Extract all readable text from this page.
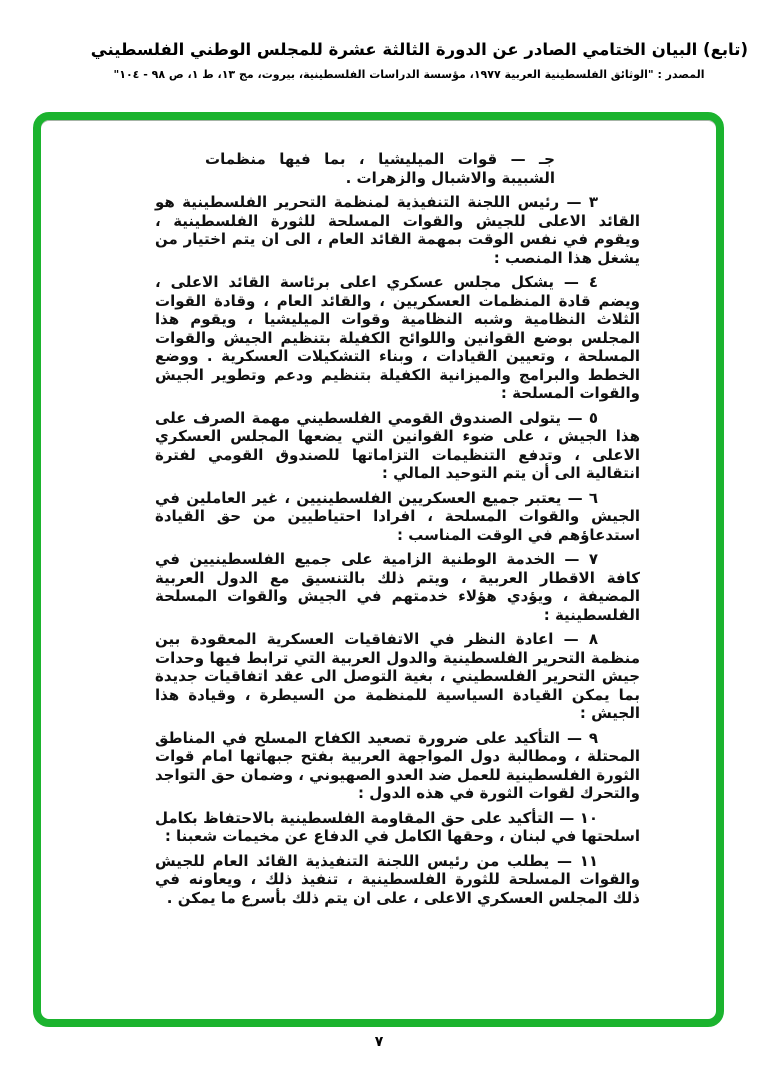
(تابع) البيان الختامي الصادر عن الدورة الثالثة عشرة للمجلس الوطني الفلسطيني
المصدر : "الوثائق الفلسطينية العربية ١٩٧٧، مؤسسة الدراسات الفلسطينية، بيروت، مج ١٣، ط ١، ص ٩٨ - ١٠٤"

جـ — قوات الميليشيا ، بما فيها منظمات الشبيبة والاشبال والزهرات .

٣ — رئيس اللجنة التنفيذية لمنظمة التحرير الفلسطينية هو القائد الاعلى للجيش والقوات المسلحة للثورة الفلسطينية ، ويقوم في نفس الوقت بمهمة القائد العام ، الى ان يتم اختيار من يشغل هذا المنصب :

٤ — يشكل مجلس عسكري اعلى برئاسة القائد الاعلى ، ويضم قادة المنظمات العسكريين ، والقائد العام ، وقادة القوات الثلاث النظامية وشبه النظامية وقوات الميليشيا ، ويقوم هذا المجلس بوضع القوانين واللوائح الكفيلة بتنظيم الجيش والقوات المسلحة ، وتعيين القيادات ، وبناء التشكيلات العسكرية . ووضع الخطط والبرامج والميزانية الكفيلة بتنظيم ودعم وتطوير الجيش والقوات المسلحة :

٥ — يتولى الصندوق القومي الفلسطيني مهمة الصرف على هذا الجيش ، على ضوء القوانين التي يضعها المجلس العسكري الاعلى ، وتدفع التنظيمات التزاماتها للصندوق القومي لفترة انتقالية الى أن يتم التوحيد المالي :

٦ — يعتبر جميع العسكريين الفلسطينيين ، غير العاملين في الجيش والقوات المسلحة ، افرادا احتياطيين من حق القيادة استدعاؤهم في الوقت المناسب :

٧ — الخدمة الوطنية الزامية على جميع الفلسطينيين في كافة الاقطار العربية ، ويتم ذلك بالتنسيق مع الدول العربية المضيفة ، ويؤدي هؤلاء خدمتهم في الجيش والقوات المسلحة الفلسطينية :

٨ — اعادة النظر في الاتفاقيات العسكرية المعقودة بين منظمة التحرير الفلسطينية والدول العربية التي ترابط فيها وحدات جيش التحرير الفلسطيني ، بغية التوصل الى عقد اتفاقيات جديدة بما يمكن القيادة السياسية للمنظمة من السيطرة ، وقيادة هذا الجيش :

٩ — التأكيد على ضرورة تصعيد الكفاح المسلح في المناطق المحتلة ، ومطالبة دول المواجهة العربية بفتح جبهاتها امام قوات الثورة الفلسطينية للعمل ضد العدو الصهيوني ، وضمان حق التواجد والتحرك لقوات الثورة في هذه الدول :

١٠ — التأكيد على حق المقاومة الفلسطينية بالاحتفاظ بكامل اسلحتها في لبنان ، وحقها الكامل في الدفاع عن مخيمات شعبنا :

١١ — يطلب من رئيس اللجنة التنفيذية القائد العام للجيش والقوات المسلحة للثورة الفلسطينية ، تنفيذ ذلك ، ويعاونه في ذلك المجلس العسكري الاعلى ، على ان يتم ذلك بأسرع ما يمكن .

٧
